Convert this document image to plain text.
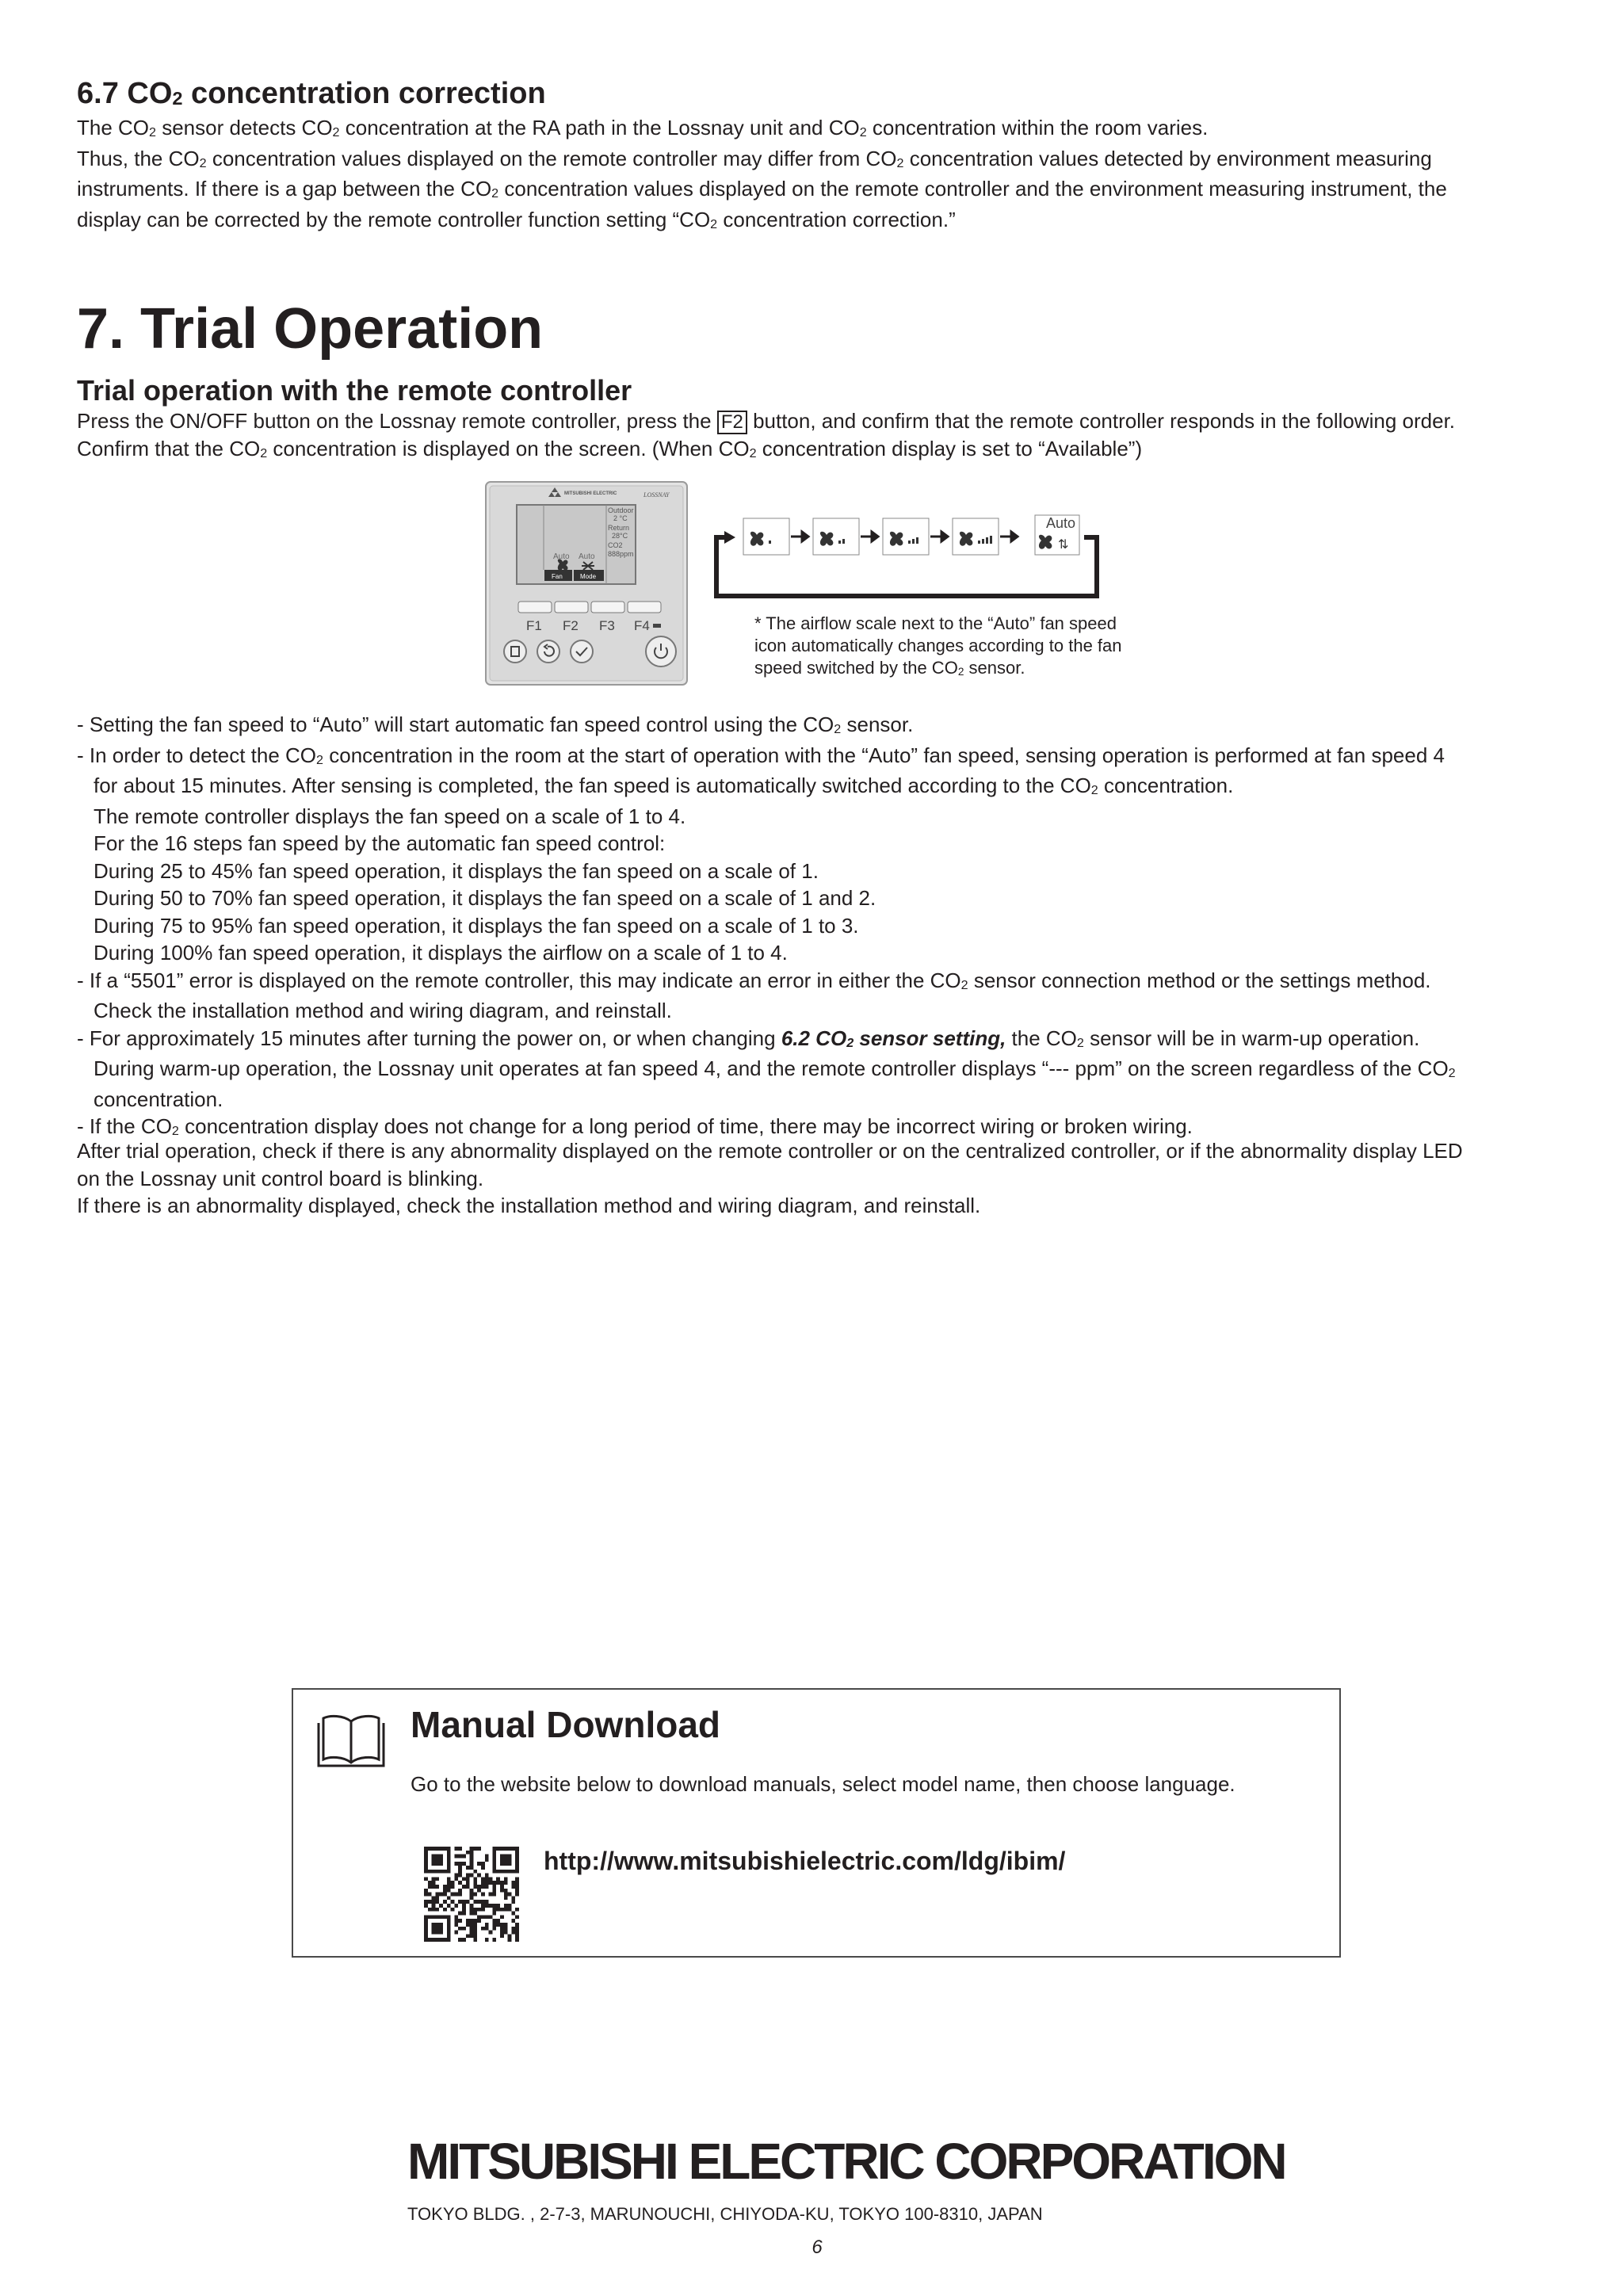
6.7 $CO_2$ concentration correction

The $CO_2$ sensor detects $CO_2$ concentration at the RA path in the Lossnay unit and $CO_2$ concentration within the room varies.

Thus, the $CO_2$ concentration values displayed on the remote controller may differ from $CO_2$ concentration values detected by environment measuring

instruments. If there is a gap between the $CO_2$ concentration values displayed on the remote controller and the environment measuring instrument, the

display can be corrected by the remote controller function setting “$CO_2$ concentration correction.”

7. Trial Operation

Trial operation with the remote controller

Press the ON/OFF button on the Lossnay remote controller, press the F2 button, and confirm that the remote controller responds in the following order.

Confirm that the $CO_2$ concentration is displayed on the screen. (When $CO_2$ concentration display is set to “Available”)

MITSUBISHI ELECTRIC	LOSSNAY
Outdoor
2 °C
Return
28°C
CO2
888ppm
Auto Auto
Fan	Mode
F1 F2 F3 F4
Auto
⇅
* The airflow scale next to the “Auto” fan speed
icon automatically changes according to the fan
speed switched by the $CO_2$ sensor.

- Setting the fan speed to “Auto” will start automatic fan speed control using the $CO_2$ sensor.

- In order to detect the $CO_2$ concentration in the room at the start of operation with the “Auto” fan speed, sensing operation is performed at fan speed 4

for about 15 minutes. After sensing is completed, the fan speed is automatically switched according to the $CO_2$ concentration.

The remote controller displays the fan speed on a scale of 1 to 4.

For the 16 steps fan speed by the automatic fan speed control:

During 25 to 45% fan speed operation, it displays the fan speed on a scale of 1.

During 50 to 70% fan speed operation, it displays the fan speed on a scale of 1 and 2.

During 75 to 95% fan speed operation, it displays the fan speed on a scale of 1 to 3.

During 100% fan speed operation, it displays the airflow on a scale of 1 to 4.

- If a “5501” error is displayed on the remote controller, this may indicate an error in either the $CO_2$ sensor connection method or the settings method.

Check the installation method and wiring diagram, and reinstall.

- For approximately 15 minutes after turning the power on, or when changing 6.2 $CO_2$ sensor setting, the $CO_2$ sensor will be in warm-up operation.

During warm-up operation, the Lossnay unit operates at fan speed 4, and the remote controller displays “--- ppm” on the screen regardless of the $CO_2$

concentration.

- If the $CO_2$ concentration display does not change for a long period of time, there may be incorrect wiring or broken wiring.

After trial operation, check if there is any abnormality displayed on the remote controller or on the centralized controller, or if the abnormality display LED

on the Lossnay unit control board is blinking.

If there is an abnormality displayed, check the installation method and wiring diagram, and reinstall.

Manual Download
Go to the website below to download manuals, select model name, then choose language.
http://www.mitsubishielectric.com/ldg/ibim/
MITSUBISHI ELECTRIC CORPORATION
TOKYO BLDG. , 2-7-3, MARUNOUCHI, CHIYODA-KU, TOKYO 100-8310, JAPAN
6
